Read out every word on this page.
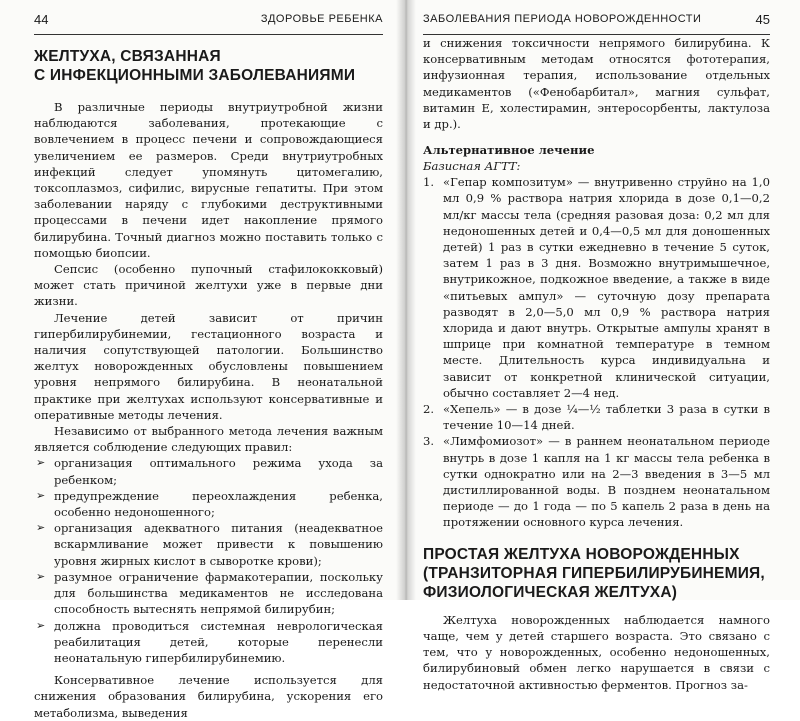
44	ЗДОРОВЬЕ РЕБЕНКА
ЖЕЛТУХА, СВЯЗАННАЯ
С ИНФЕКЦИОННЫМИ ЗАБОЛЕВАНИЯМИ

В различные периоды внутриутробной жизни наблюдаются заболевания, протекающие с вовлечением в процесс печени и сопровождающиеся увеличением ее размеров. Среди внутриутробных инфекций следует упомянуть цитомегалию, токсоплазмоз, сифилис, вирусные гепатиты. При этом заболевании наряду с глубокими деструктивными процессами в печени идет накопление прямого билирубина. Точный диагноз можно поставить только с помощью биопсии.

Сепсис (особенно пупочный стафилококковый) может стать причиной желтухи уже в первые дни жизни.

Лечение детей зависит от причин гипербилирубинемии, гестационного возраста и наличия сопутствующей патологии. Большинство желтух новорожденных обусловлены повышением уровня непрямого билирубина. В неонатальной практике при желтухах используют консервативные и оперативные методы лечения.

Независимо от выбранного метода лечения важным является соблюдение следующих правил:

➢ организация оптимального режима ухода за ребенком;
➢ предупреждение переохлаждения ребенка, особенно недоношенного;
➢ организация адекватного питания (неадекватное вскармливание может привести к повышению уровня жирных кислот в сыворотке крови);
➢ разумное ограничение фармакотерапии, поскольку для большинства медикаментов не исследована способность вытеснять непрямой билирубин;
➢ должна проводиться системная неврологическая реабилитация детей, которые перенесли неонатальную гипербилирубинемию.

Консервативное лечение используется для снижения образования билирубина, ускорения его метаболизма, выведения

ЗАБОЛЕВАНИЯ ПЕРИОДА НОВОРОЖДЕННОСТИ	45

и снижения токсичности непрямого билирубина. К консервативным методам относятся фототерапия, инфузионная терапия, использование отдельных медикаментов («Фенобарбитал», магния сульфат, витамин Е, холестирамин, энтеросорбенты, лактулоза и др.).

Альтернативное лечение

Базисная АГТТ:

1. «Гепар композитум» — внутривенно струйно на 1,0 мл 0,9 % раствора натрия хлорида в дозе 0,1—0,2 мл/кг массы тела (средняя разовая доза: 0,2 мл для недоношенных детей и 0,4—0,5 мл для доношенных детей) 1 раз в сутки ежедневно в течение 5 суток, затем 1 раз в 3 дня. Возможно внутримышечное, внутрикожное, подкожное введение, а также в виде «питьевых ампул» — суточную дозу препарата разводят в 2,0—5,0 мл 0,9 % раствора натрия хлорида и дают внутрь. Открытые ампулы хранят в шприце при комнатной температуре в темном месте. Длительность курса индивидуальна и зависит от конкретной клинической ситуации, обычно составляет 2—4 нед.
2. «Хепель» — в дозе ¼—½ таблетки 3 раза в сутки в течение 10—14 дней.
3. «Лимфомиозот» — в раннем неонатальном периоде внутрь в дозе 1 капля на 1 кг массы тела ребенка в сутки однократно или на 2—3 введения в 3—5 мл дистиллированной воды. В позднем неонатальном периоде — до 1 года — по 5 капель 2 раза в день на протяжении основного курса лечения.
ПРОСТАЯ ЖЕЛТУХА НОВОРОЖДЕННЫХ
(ТРАНЗИТОРНАЯ ГИПЕРБИЛИРУБИНЕМИЯ,
ФИЗИОЛОГИЧЕСКАЯ ЖЕЛТУХА)

Желтуха новорожденных наблюдается намного чаще, чем у детей старшего возраста. Это связано с тем, что у новорожденных, особенно недоношенных, билирубиновый обмен легко нарушается в связи с недостаточной активностью ферментов. Прогноз за-
